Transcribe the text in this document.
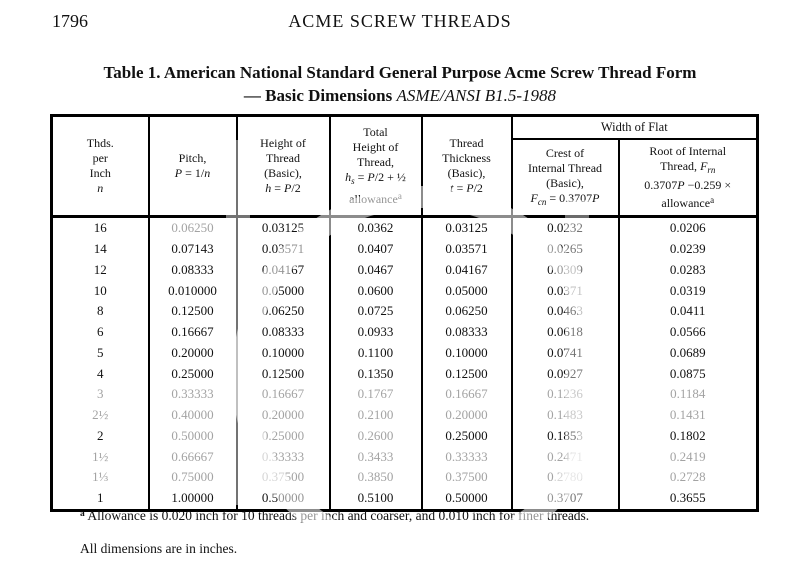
1796	ACME SCREW THREADS
Table 1. American National Standard General Purpose Acme Screw Thread Form
— Basic Dimensions ASME/ANSI B1.5-1988
Thds.
per
Inch
n

Pitch,
P = 1/n

Height of
Thread
(Basic),
h = P/2

Total
Height of
Thread,
$h_s = P/2$ + ½
allowance$^a$

Thread
Thickness
(Basic),
t = P/2
	Width of Flat

Crest of
Internal Thread
(Basic),
$F_{cn} = 0.3707P$

Root of Internal
Thread, $F_{rn}$
0.3707P −0.259 ×
allowance$^a$

16	0.06250	0.03125	0.0362	0.03125	0.0232	0.0206
14	0.07143	0.03571	0.0407	0.03571	0.0265	0.0239
12	0.08333	0.04167	0.0467	0.04167	0.0309	0.0283
10	0.010000	0.05000	0.0600	0.05000	0.0371	0.0319
8	0.12500	0.06250	0.0725	0.06250	0.0463	0.0411
6	0.16667	0.08333	0.0933	0.08333	0.0618	0.0566
5	0.20000	0.10000	0.1100	0.10000	0.0741	0.0689
4	0.25000	0.12500	0.1350	0.12500	0.0927	0.0875
3	0.33333	0.16667	0.1767	0.16667	0.1236	0.1184
2½	0.40000	0.20000	0.2100	0.20000	0.1483	0.1431
2	0.50000	0.25000	0.2600	0.25000	0.1853	0.1802
1½	0.66667	0.33333	0.3433	0.33333	0.2471	0.2419
1⅓	0.75000	0.37500	0.3850	0.37500	0.2780	0.2728
1	1.00000	0.50000	0.5100	0.50000	0.3707	0.3655
$^a$ Allowance is 0.020 inch for 10 threads per inch and coarser, and 0.010 inch for finer threads.
All dimensions are in inches.
